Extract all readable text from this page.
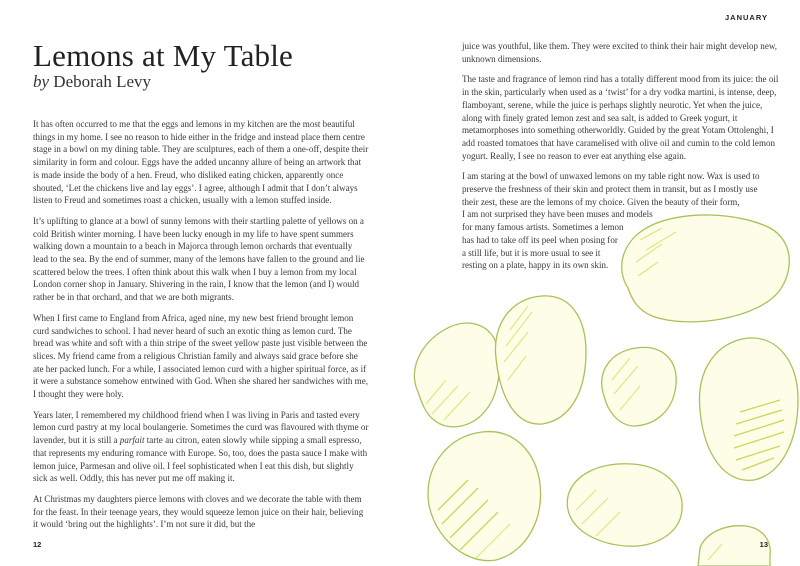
Lemons at My Table
by Deborah Levy

It has often occurred to me that the eggs and lemons in my kitchen are the most beautiful things in my home. I see no reason to hide either in the fridge and instead place them centre stage in a bowl on my dining table. They are sculptures, each of them a one-off, despite their similarity in form and colour. Eggs have the added uncanny allure of being an artwork that is made inside the body of a hen. Freud, who disliked eating chicken, apparently once shouted, ‘Let the chickens live and lay eggs’. I agree, although I admit that I don’t always listen to Freud and sometimes roast a chicken, usually with a lemon stuffed inside.

It’s uplifting to glance at a bowl of sunny lemons with their startling palette of yellows on a cold British winter morning. I have been lucky enough in my life to have spent summers walking down a mountain to a beach in Majorca through lemon orchards that eventually lead to the sea. By the end of summer, many of the lemons have fallen to the ground and lie scattered below the trees. I often think about this walk when I buy a lemon from my local London corner shop in January. Shivering in the rain, I know that the lemon (and I) would rather be in that orchard, and that we are both migrants.

When I first came to England from Africa, aged nine, my new best friend brought lemon curd sandwiches to school. I had never heard of such an exotic thing as lemon curd. The bread was white and soft with a thin stripe of the sweet yellow paste just visible between the slices. My friend came from a religious Christian family and always said grace before she ate her packed lunch. For a while, I associated lemon curd with a higher spiritual force, as if it were a substance somehow entwined with God. When she shared her sandwiches with me, I thought they were holy.

Years later, I remembered my childhood friend when I was living in Paris and tasted every lemon curd pastry at my local boulangerie. Sometimes the curd was flavoured with thyme or lavender, but it is still a parfait tarte au citron, eaten slowly while sipping a small espresso, that represents my enduring romance with Europe. So, too, does the pasta sauce I make with lemon juice, Parmesan and olive oil. I feel sophisticated when I eat this dish, but slightly sick as well. Oddly, this has never put me off making it.

At Christmas my daughters pierce lemons with cloves and we decorate the table with them for the feast. In their teenage years, they would squeeze lemon juice on their hair, believing it would ‘bring out the highlights’. I’m not sure it did, but the

12
JANUARY

juice was youthful, like them. They were excited to think their hair might develop new, unknown dimensions.

The taste and fragrance of lemon rind has a totally different mood from its juice: the oil in the skin, particularly when used as a ‘twist’ for a dry vodka martini, is intense, deep, flamboyant, serene, while the juice is perhaps slightly neurotic. Yet when the juice, along with finely grated lemon zest and sea salt, is added to Greek yogurt, it metamorphoses into something otherworldly. Guided by the great Yotam Ottolenghi, I add roasted tomatoes that have caramelised with olive oil and cumin to the cold lemon yogurt. Really, I see no reason to ever eat anything else again.

I am staring at the bowl of unwaxed lemons on my table right now. Wax is used to preserve the freshness of their skin and protect them in transit, but as I mostly use their zest, these are the lemons of my choice. Given the beauty of their form,
I am not surprised they have been muses and models
for many famous artists. Sometimes a lemon
has had to take off its peel when posing for
a still life, but it is more usual to see it
resting on a plate, happy in its own skin.

13
